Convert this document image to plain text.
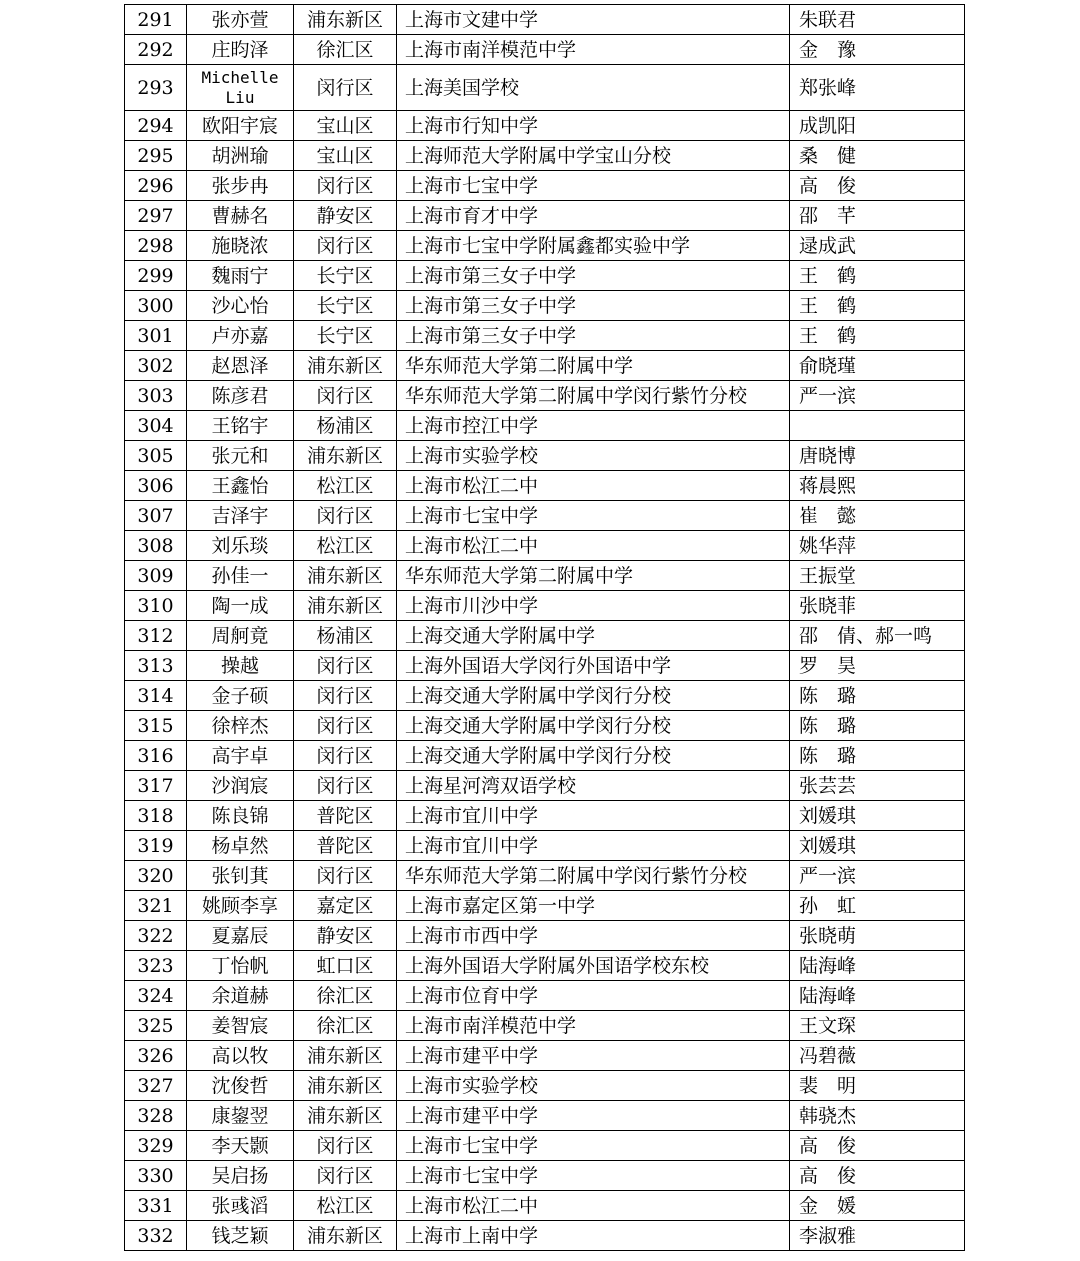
291	张亦萱	浦东新区	上海市文建中学	朱联君
292	庄昀泽	徐汇区	上海市南洋模范中学	金　豫
293	Michelle Liu	闵行区	上海美国学校	郑张峰
294	欧阳宇宸	宝山区	上海市行知中学	成凯阳
295	胡洲瑜	宝山区	上海师范大学附属中学宝山分校	桑　健
296	张步冉	闵行区	上海市七宝中学	高　俊
297	曹赫名	静安区	上海市育才中学	邵　芊
298	施晓浓	闵行区	上海市七宝中学附属鑫都实验中学	逯成武
299	魏雨宁	长宁区	上海市第三女子中学	王　鹤
300	沙心怡	长宁区	上海市第三女子中学	王　鹤
301	卢亦嘉	长宁区	上海市第三女子中学	王　鹤
302	赵恩泽	浦东新区	华东师范大学第二附属中学	俞晓瑾
303	陈彦君	闵行区	华东师范大学第二附属中学闵行紫竹分校	严一滨
304	王铭宇	杨浦区	上海市控江中学	
305	张元和	浦东新区	上海市实验学校	唐晓博
306	王鑫怡	松江区	上海市松江二中	蒋晨熙
307	吉泽宇	闵行区	上海市七宝中学	崔　懿
308	刘乐琰	松江区	上海市松江二中	姚华萍
309	孙佳一	浦东新区	华东师范大学第二附属中学	王振堂
310	陶一成	浦东新区	上海市川沙中学	张晓菲
312	周舸竟	杨浦区	上海交通大学附属中学	邵　倩、郝一鸣
313	操越	闵行区	上海外国语大学闵行外国语中学	罗　昊
314	金子硕	闵行区	上海交通大学附属中学闵行分校	陈　璐
315	徐梓杰	闵行区	上海交通大学附属中学闵行分校	陈　璐
316	高宇卓	闵行区	上海交通大学附属中学闵行分校	陈　璐
317	沙润宸	闵行区	上海星河湾双语学校	张芸芸
318	陈良锦	普陀区	上海市宜川中学	刘媛琪
319	杨卓然	普陀区	上海市宜川中学	刘媛琪
320	张钊萁	闵行区	华东师范大学第二附属中学闵行紫竹分校	严一滨
321	姚顾李享	嘉定区	上海市嘉定区第一中学	孙　虹
322	夏嘉辰	静安区	上海市市西中学	张晓萌
323	丁怡帆	虹口区	上海外国语大学附属外国语学校东校	陆海峰
324	余道赫	徐汇区	上海市位育中学	陆海峰
325	姜智宸	徐汇区	上海市南洋模范中学	王文琛
326	高以牧	浦东新区	上海市建平中学	冯碧薇
327	沈俊哲	浦东新区	上海市实验学校	裴　明
328	康鋆翌	浦东新区	上海市建平中学	韩骁杰
329	李天颢	闵行区	上海市七宝中学	高　俊
330	吴启扬	闵行区	上海市七宝中学	高　俊
331	张彧滔	松江区	上海市松江二中	金　媛
332	钱芝颖	浦东新区	上海市上南中学	李淑雅
